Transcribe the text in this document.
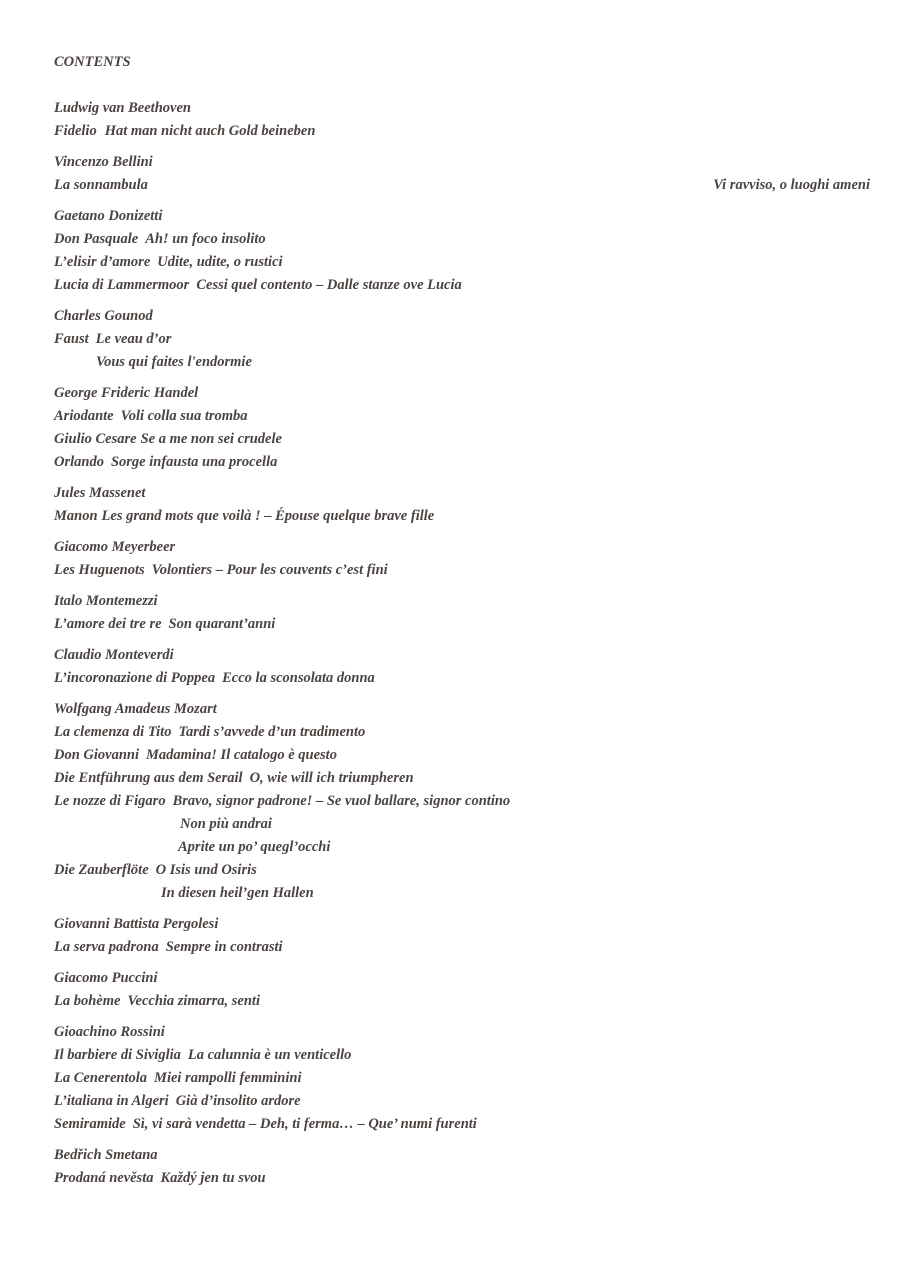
CONTENTS
Ludwig van Beethoven
Fidelio Hat man nicht auch Gold beineben
Vincenzo Bellini
La sonnambula	Vi ravviso, o luoghi ameni
Gaetano Donizetti
Don Pasquale Ah! un foco insolito
L’elisir d’amore Udite, udite, o rustici
Lucia di Lammermoor Cessi quel contento – Dalle stanze ove Lucia
Charles Gounod
Faust Le veau d’or
Vous qui faites l'endormie
George Frideric Handel
Ariodante Voli colla sua tromba
Giulio Cesare Se a me non sei crudele
Orlando Sorge infausta una procella
Jules Massenet
Manon Les grand mots que voilà ! – Épouse quelque brave fille
Giacomo Meyerbeer
Les Huguenots Volontiers – Pour les couvents c’est fini
Italo Montemezzi
L’amore dei tre re Son quarant’anni
Claudio Monteverdi
L’incoronazione di Poppea Ecco la sconsolata donna
Wolfgang Amadeus Mozart
La clemenza di Tito Tardi s’avvede d’un tradimento
Don Giovanni Madamina! Il catalogo è questo
Die Entführung aus dem Serail O, wie will ich triumpheren
Le nozze di Figaro Bravo, signor padrone! – Se vuol ballare, signor contino
Non più andrai
Aprite un po’ quegl’occhi
Die Zauberflöte O Isis und Osiris
In diesen heil’gen Hallen
Giovanni Battista Pergolesi
La serva padrona Sempre in contrasti
Giacomo Puccini
La bohème Vecchia zimarra, senti
Gioachino Rossini
Il barbiere di Siviglia La calunnia è un venticello
La Cenerentola Miei rampolli femminini
L’italiana in Algeri Già d’insolito ardore
Semiramide Sì, vi sarà vendetta – Deh, ti ferma… – Que’ numi furenti
Bedřich Smetana
Prodaná nevěsta Každý jen tu svou
